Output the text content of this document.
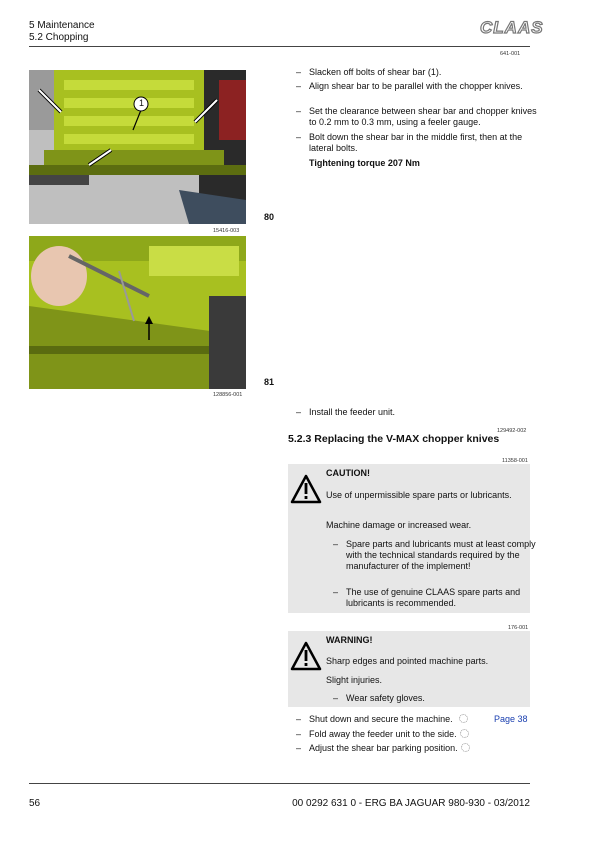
5 Maintenance
5.2 Chopping
CLAAS
641-001
1
15416-003
80
128856-001
81
– Slacken off bolts of shear bar (1).
– Align shear bar to be parallel with the chopper knives.
– Set the clearance between shear bar and chopper knives to 0.2 mm to 0.3 mm, using a feeler gauge.
– Bolt down the shear bar in the middle first, then at the lateral bolts.
Tightening torque 207 Nm
– Install the feeder unit.
129492-002
5.2.3 Replacing the V-MAX chopper knives
11358-001
CAUTION!
Use of unpermissible spare parts or lubricants.
Machine damage or increased wear.
– Spare parts and lubricants must at least comply with the technical standards required by the manufacturer of the implement!
– The use of genuine CLAAS spare parts and lubricants is recommended.
176-001
WARNING!
Sharp edges and pointed machine parts.
Slight injuries.
– Wear safety gloves.
– Shut down and secure the machine.	Page 38
– Fold away the feeder unit to the side.
– Adjust the shear bar parking position.
56	00 0292 631 0 - ERG BA JAGUAR 980-930 - 03/2012
